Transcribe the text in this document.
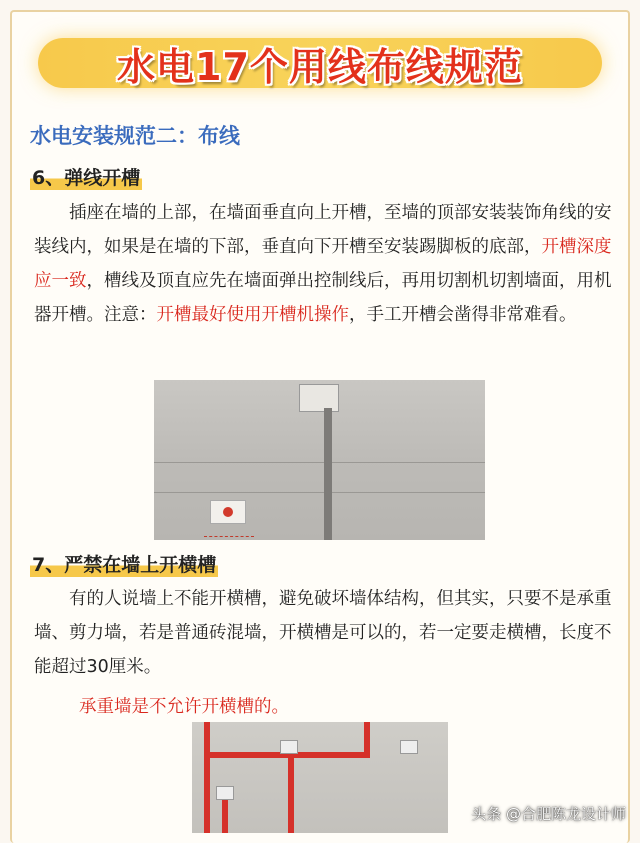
水电17个用线布线规范
水电安装规范二：布线
6、弹线开槽

插座在墙的上部，在墙面垂直向上开槽，至墙的顶部安装装饰角线的安装线内，如果是在墙的下部，垂直向下开槽至安装踢脚板的底部，开槽深度应一致，槽线及顶直应先在墙面弹出控制线后，再用切割机切割墙面，用机器开槽。注意：开槽最好使用开槽机操作，手工开槽会凿得非常难看。

7、严禁在墙上开横槽

有的人说墙上不能开横槽，避免破坏墙体结构，但其实，只要不是承重墙、剪力墙，若是普通砖混墙，开横槽是可以的，若一定要走横槽，长度不能超过30厘米。

承重墙是不允许开横槽的。

头条 @合肥陈龙设计师
